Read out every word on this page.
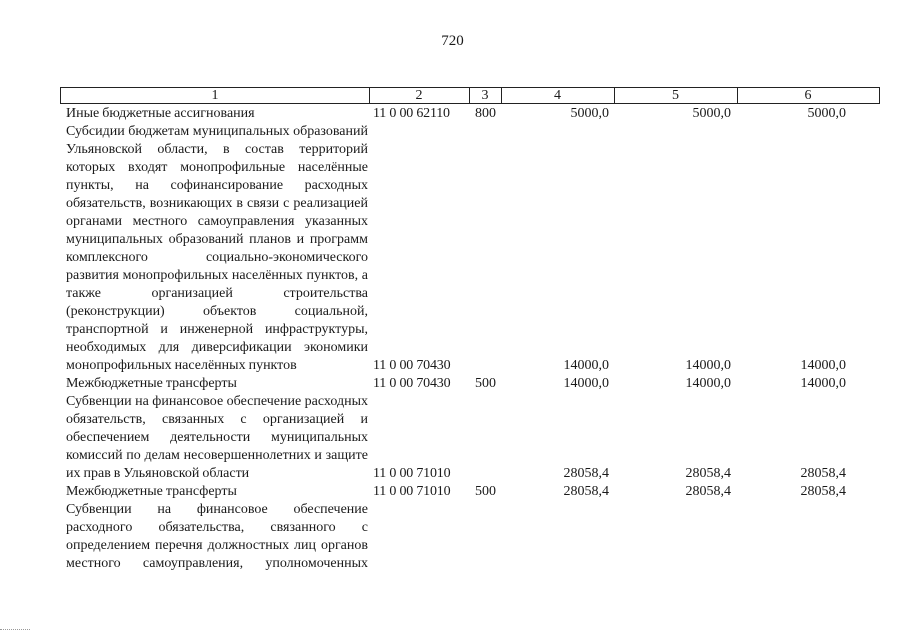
720
1	2	3	4	5	6
Иные бюджетные ассигнования	11 0 00 62110 800	5000,0	5000,0	5000,0
Субсидии бюджетам муниципальных образований Ульяновской области, в состав территорий которых входят монопрофильные населённые пункты, на софинансирование расходных обязательств, возникающих в связи с реализацией органами местного самоуправления указанных муниципальных образований планов и программ комплексного социально-экономического развития монопрофильных населённых пунктов, а также организацией строительства (реконструкции) объектов социальной, транспортной и инженерной инфраструктуры, необходимых для диверсификации экономики монопрофильных населённых пунктов	11 0 00 70430	14000,0	14000,0	14000,0
Межбюджетные трансферты	11 0 00 70430 500	14000,0	14000,0	14000,0
Субвенции на финансовое обеспечение расходных обязательств, связанных с организацией и обеспечением деятельности муниципальных комиссий по делам несовершеннолетних и защите их прав в Ульяновской области	11 0 00 71010	28058,4	28058,4	28058,4
Межбюджетные трансферты	11 0 00 71010 500	28058,4	28058,4	28058,4
Субвенции на финансовое обеспечение расходного обязательства, связанного с определением перечня должностных лиц органов местного самоуправления, уполномоченных
